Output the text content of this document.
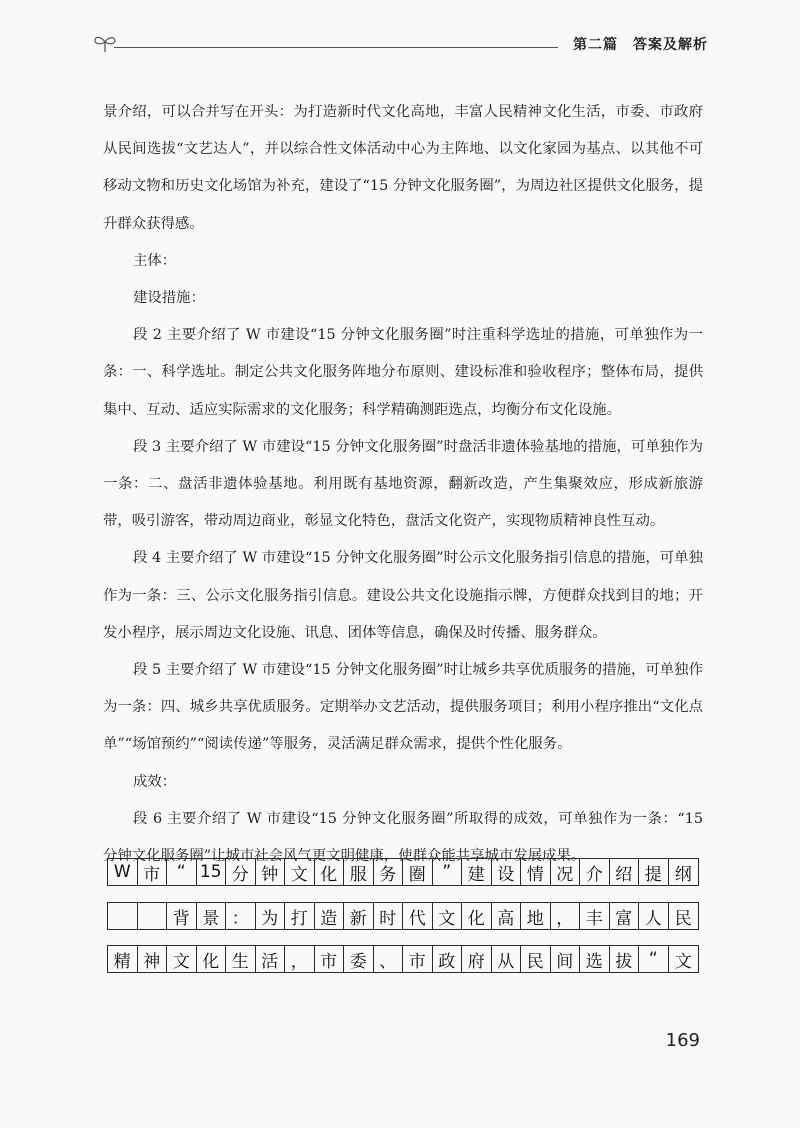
第二篇　答案及解析

景介绍，可以合并写在开头：为打造新时代文化高地，丰富人民精神文化生活，市委、市政府从民间选拔“文艺达人”，并以综合性文体活动中心为主阵地、以文化家园为基点、以其他不可移动文物和历史文化场馆为补充，建设了“15 分钟文化服务圈”，为周边社区提供文化服务，提升群众获得感。

主体：

建设措施：

段 2 主要介绍了 W 市建设“15 分钟文化服务圈”时注重科学选址的措施，可单独作为一条：一、科学选址。制定公共文化服务阵地分布原则、建设标准和验收程序；整体布局，提供集中、互动、适应实际需求的文化服务；科学精确测距选点，均衡分布文化设施。

段 3 主要介绍了 W 市建设“15 分钟文化服务圈”时盘活非遗体验基地的措施，可单独作为一条：二、盘活非遗体验基地。利用既有基地资源，翻新改造，产生集聚效应，形成新旅游带，吸引游客，带动周边商业，彰显文化特色，盘活文化资产，实现物质精神良性互动。

段 4 主要介绍了 W 市建设“15 分钟文化服务圈”时公示文化服务指引信息的措施，可单独作为一条：三、公示文化服务指引信息。建设公共文化设施指示牌，方便群众找到目的地；开发小程序，展示周边文化设施、讯息、团体等信息，确保及时传播、服务群众。

段 5 主要介绍了 W 市建设“15 分钟文化服务圈”时让城乡共享优质服务的措施，可单独作为一条：四、城乡共享优质服务。定期举办文艺活动，提供服务项目；利用小程序推出“文化点单”“场馆预约”“阅读传递”等服务，灵活满足群众需求，提供个性化服务。

成效：

段 6 主要介绍了 W 市建设“15 分钟文化服务圈”所取得的成效，可单独作为一条：“15 分钟文化服务圈”让城市社会风气更文明健康，使群众能共享城市发展成果。

W 市 “ 15 分 钟 文 化 服 务 圈 ” 建 设 情 况 介 绍 提 纲
背 景 ： 为 打 造 新 时 代 文 化 高 地 ， 丰 富 人 民
精 神 文 化 生 活 ， 市 委 、 市 政 府 从 民 间 选 拔 “	文
169
